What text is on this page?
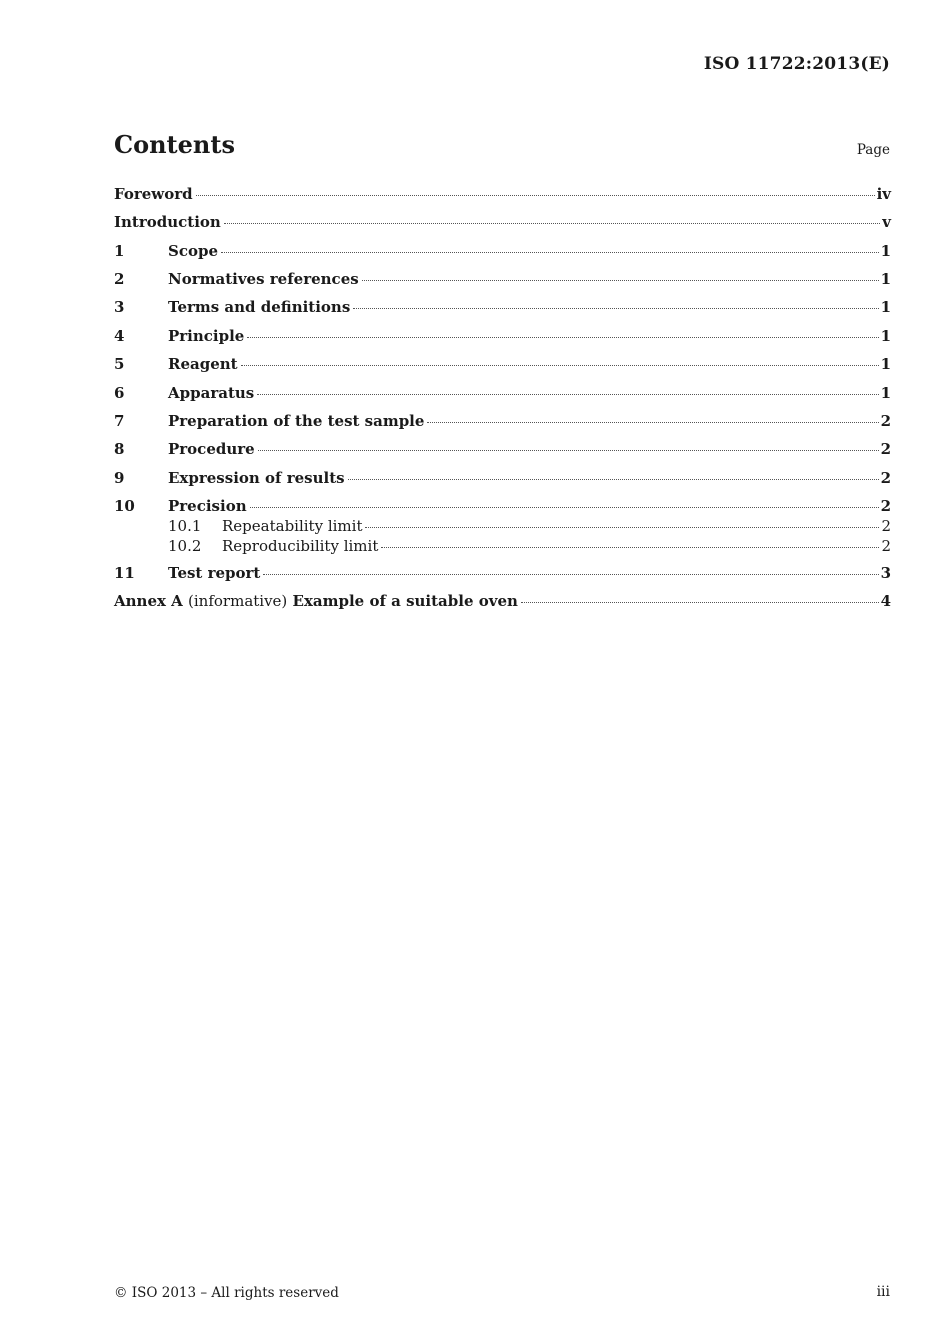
ISO 11722:2013(E)
Contents	Page
Foreword	iv
Introduction	v
1	Scope	1
2	Normatives references	1
3	Terms and definitions	1
4	Principle	1
5	Reagent	1
6	Apparatus	1
7	Preparation of the test sample	2
8	Procedure	2
9	Expression of results	2
10	Precision	2
10.1	Repeatability limit	2
10.2	Reproducibility limit	2
11	Test report	3
Annex A (informative) Example of a suitable oven	4
© ISO 2013 – All rights reserved	iii
